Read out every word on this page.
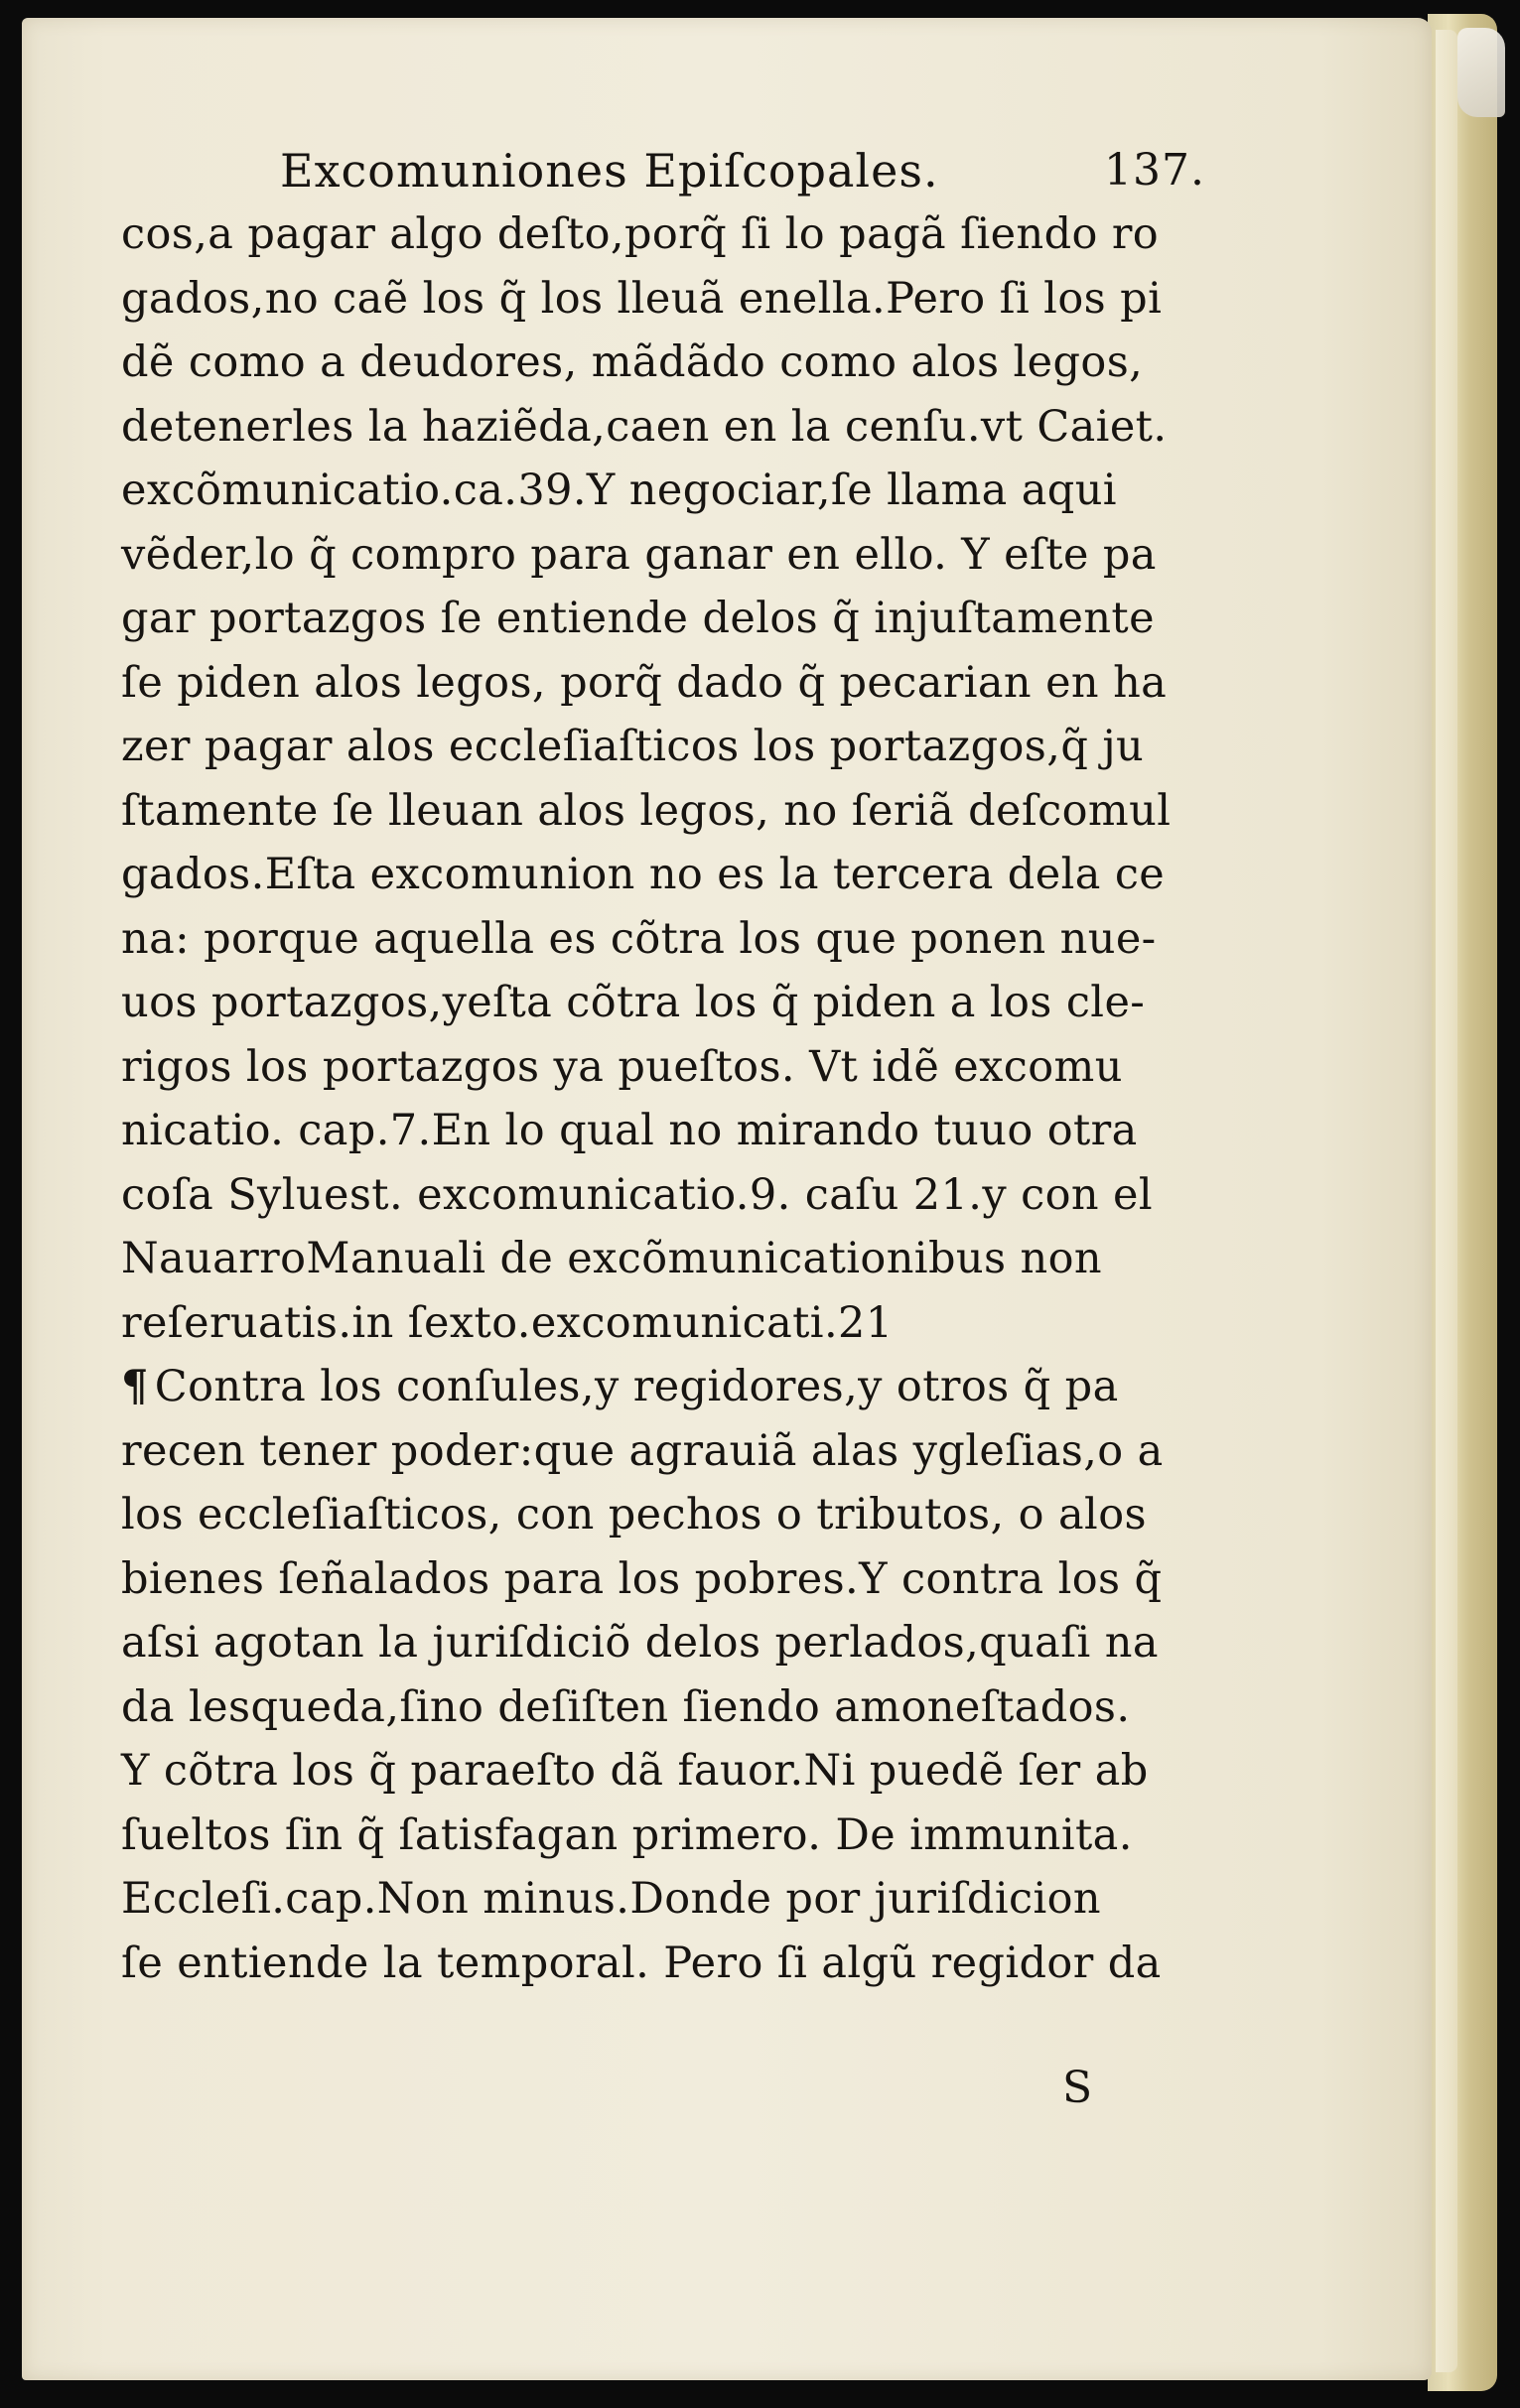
Excomuniones Epiſcopales.	137.
cos,a pagar algo deſto,porq̃ ſi lo pagã ſiendo ro
gados,no caẽ los q̃ los lleuã enella.Pero ſi los pi
dẽ como a deudores, mãdãdo como alos legos,
detenerles la haziẽda,caen en la cenſu.vt Caiet.
excõmunicatio.ca.39.Y negociar,ſe llama aqui
vẽder,lo q̃ compro para ganar en ello. Y eſte pa
gar portazgos ſe entiende delos q̃ injuſtamente
ſe piden alos legos, porq̃ dado q̃ pecarian en ha
zer pagar alos eccleſiaſticos los portazgos,q̃ ju
ſtamente ſe lleuan alos legos, no ſeriã deſcomul
gados.Eſta excomunion no es la tercera dela ce
na: porque aquella es cõtra los que ponen nue-
uos portazgos,yeſta cõtra los q̃ piden a los cle-
rigos los portazgos ya pueſtos. Vt idẽ excomu
nicatio. cap.7.En lo qual no mirando tuuo otra
coſa Syluest. excomunicatio.9. caſu 21.y con el
NauarroManuali de excõmunicationibus non
reſeruatis.in ſexto.excomunicati.21
¶ Contra los conſules,y regidores,y otros q̃ pa
recen tener poder:que agrauiã alas ygleſias,o a
los eccleſiaſticos, con pechos o tributos, o alos
bienes ſeñalados para los pobres.Y contra los q̃
aſsi agotan la juriſdiciõ delos perlados,quaſi na
da lesqueda,ſino deſiſten ſiendo amoneſtados.
Y cõtra los q̃ paraeſto dã fauor.Ni puedẽ ſer ab
ſueltos ſin q̃ ſatisfagan primero. De immunita.
Eccleſi.cap.Non minus.Donde por juriſdicion
ſe entiende la temporal. Pero ſi algũ regidor da
S
